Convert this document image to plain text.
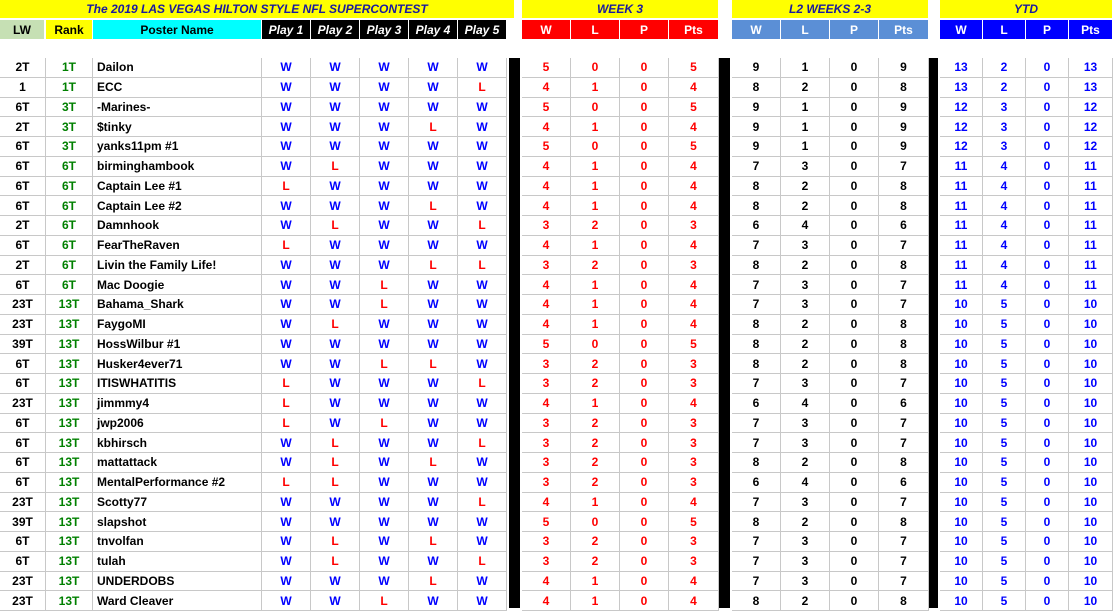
The 2019 LAS VEGAS HILTON STYLE NFL SUPERCONTEST	WEEK 3	L2 WEEKS 2-3	YTD
LW	Rank	Poster Name	Play 1	Play 2	Play 3	Play 4	Play 5	W	L	P	Pts	W	L	P	Pts	W	L	P	Pts
2T	1T	Dailon	W	W	W	W	W	5	0	0	5	9	1	0	9	13	2	0	13
1	1T	ECC	W	W	W	W	L	4	1	0	4	8	2	0	8	13	2	0	13
6T	3T	-Marines-	W	W	W	W	W	5	0	0	5	9	1	0	9	12	3	0	12
2T	3T	$tinky	W	W	W	L	W	4	1	0	4	9	1	0	9	12	3	0	12
6T	3T	yanks11pm #1	W	W	W	W	W	5	0	0	5	9	1	0	9	12	3	0	12
6T	6T	birminghambook	W	L	W	W	W	4	1	0	4	7	3	0	7	11	4	0	11
6T	6T	Captain Lee #1	L	W	W	W	W	4	1	0	4	8	2	0	8	11	4	0	11
6T	6T	Captain Lee #2	W	W	W	L	W	4	1	0	4	8	2	0	8	11	4	0	11
2T	6T	Damnhook	W	L	W	W	L	3	2	0	3	6	4	0	6	11	4	0	11
6T	6T	FearTheRaven	L	W	W	W	W	4	1	0	4	7	3	0	7	11	4	0	11
2T	6T	Livin the Family Life!	W	W	W	L	L	3	2	0	3	8	2	0	8	11	4	0	11
6T	6T	Mac Doogie	W	W	L	W	W	4	1	0	4	7	3	0	7	11	4	0	11
23T	13T	Bahama_Shark	W	W	L	W	W	4	1	0	4	7	3	0	7	10	5	0	10
23T	13T	FaygoMI	W	L	W	W	W	4	1	0	4	8	2	0	8	10	5	0	10
39T	13T	HossWilbur #1	W	W	W	W	W	5	0	0	5	8	2	0	8	10	5	0	10
6T	13T	Husker4ever71	W	W	L	L	W	3	2	0	3	8	2	0	8	10	5	0	10
6T	13T	ITISWHATITIS	L	W	W	W	L	3	2	0	3	7	3	0	7	10	5	0	10
23T	13T	jimmmy4	L	W	W	W	W	4	1	0	4	6	4	0	6	10	5	0	10
6T	13T	jwp2006	L	W	L	W	W	3	2	0	3	7	3	0	7	10	5	0	10
6T	13T	kbhirsch	W	L	W	W	L	3	2	0	3	7	3	0	7	10	5	0	10
6T	13T	mattattack	W	L	W	L	W	3	2	0	3	8	2	0	8	10	5	0	10
6T	13T	MentalPerformance #2	L	L	W	W	W	3	2	0	3	6	4	0	6	10	5	0	10
23T	13T	Scotty77	W	W	W	W	L	4	1	0	4	7	3	0	7	10	5	0	10
39T	13T	slapshot	W	W	W	W	W	5	0	0	5	8	2	0	8	10	5	0	10
6T	13T	tnvolfan	W	L	W	L	W	3	2	0	3	7	3	0	7	10	5	0	10
6T	13T	tulah	W	L	W	W	L	3	2	0	3	7	3	0	7	10	5	0	10
23T	13T	UNDERDOBS	W	W	W	L	W	4	1	0	4	7	3	0	7	10	5	0	10
23T	13T	Ward Cleaver	W	W	L	W	W	4	1	0	4	8	2	0	8	10	5	0	10
